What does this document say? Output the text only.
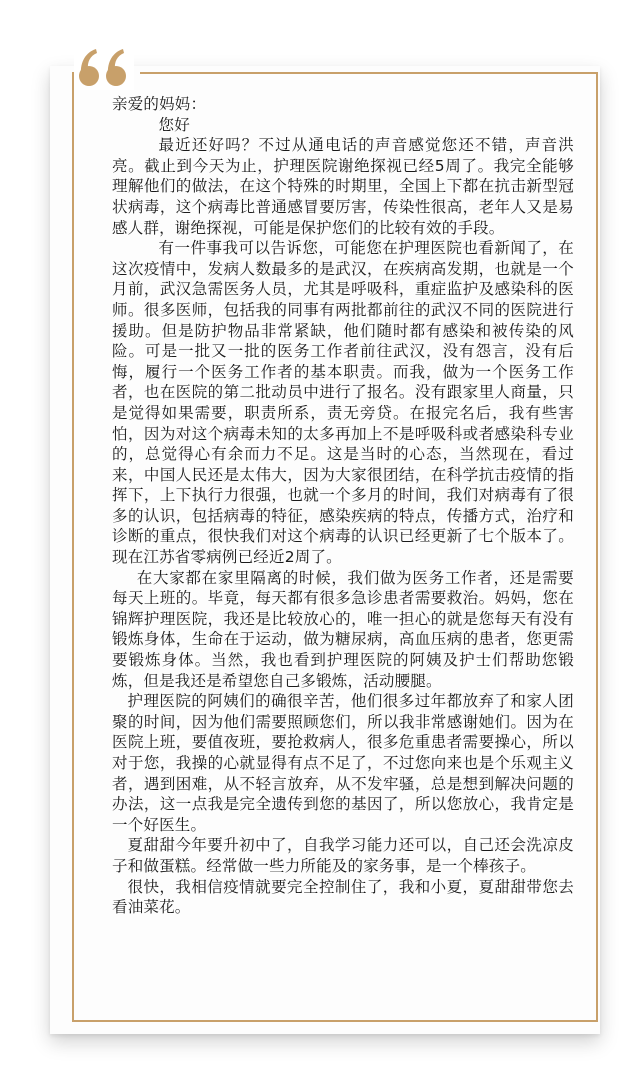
亲爱的妈妈：

您好

最近还好吗？不过从通电话的声音感觉您还不错，声音洪亮。截止到今天为止，护理医院谢绝探视已经5周了。我完全能够理解他们的做法，在这个特殊的时期里，全国上下都在抗击新型冠状病毒，这个病毒比普通感冒要厉害，传染性很高，老年人又是易感人群，谢绝探视，可能是保护您们的比较有效的手段。

有一件事我可以告诉您，可能您在护理医院也看新闻了，在这次疫情中，发病人数最多的是武汉，在疾病高发期，也就是一个月前，武汉急需医务人员，尤其是呼吸科，重症监护及感染科的医师。很多医师，包括我的同事有两批都前往的武汉不同的医院进行援助。但是防护物品非常紧缺，他们随时都有感染和被传染的风险。可是一批又一批的医务工作者前往武汉，没有怨言，没有后悔，履行一个医务工作者的基本职责。而我，做为一个医务工作者，也在医院的第二批动员中进行了报名。没有跟家里人商量，只是觉得如果需要，职责所系，责无旁贷。在报完名后，我有些害怕，因为对这个病毒未知的太多再加上不是呼吸科或者感染科专业的，总觉得心有余而力不足。这是当时的心态，当然现在，看过来，中国人民还是太伟大，因为大家很团结，在科学抗击疫情的指挥下，上下执行力很强，也就一个多月的时间，我们对病毒有了很多的认识，包括病毒的特征，感染疾病的特点，传播方式，治疗和诊断的重点，很快我们对这个病毒的认识已经更新了七个版本了。现在江苏省零病例已经近2周了。

在大家都在家里隔离的时候，我们做为医务工作者，还是需要每天上班的。毕竟，每天都有很多急诊患者需要救治。妈妈，您在锦辉护理医院，我还是比较放心的，唯一担心的就是您每天有没有锻炼身体，生命在于运动，做为糖尿病，高血压病的患者，您更需要锻炼身体。当然，我也看到护理医院的阿姨及护士们帮助您锻炼，但是我还是希望您自己多锻炼，活动腰腿。

护理医院的阿姨们的确很辛苦，他们很多过年都放弃了和家人团聚的时间，因为他们需要照顾您们，所以我非常感谢她们。因为在医院上班，要值夜班，要抢救病人，很多危重患者需要操心，所以对于您，我操的心就显得有点不足了，不过您向来也是个乐观主义者，遇到困难，从不轻言放弃，从不发牢骚，总是想到解决问题的办法，这一点我是完全遗传到您的基因了，所以您放心，我肯定是一个好医生。

夏甜甜今年要升初中了，自我学习能力还可以，自己还会洗凉皮子和做蛋糕。经常做一些力所能及的家务事，是一个棒孩子。

很快，我相信疫情就要完全控制住了，我和小夏，夏甜甜带您去看油菜花。
